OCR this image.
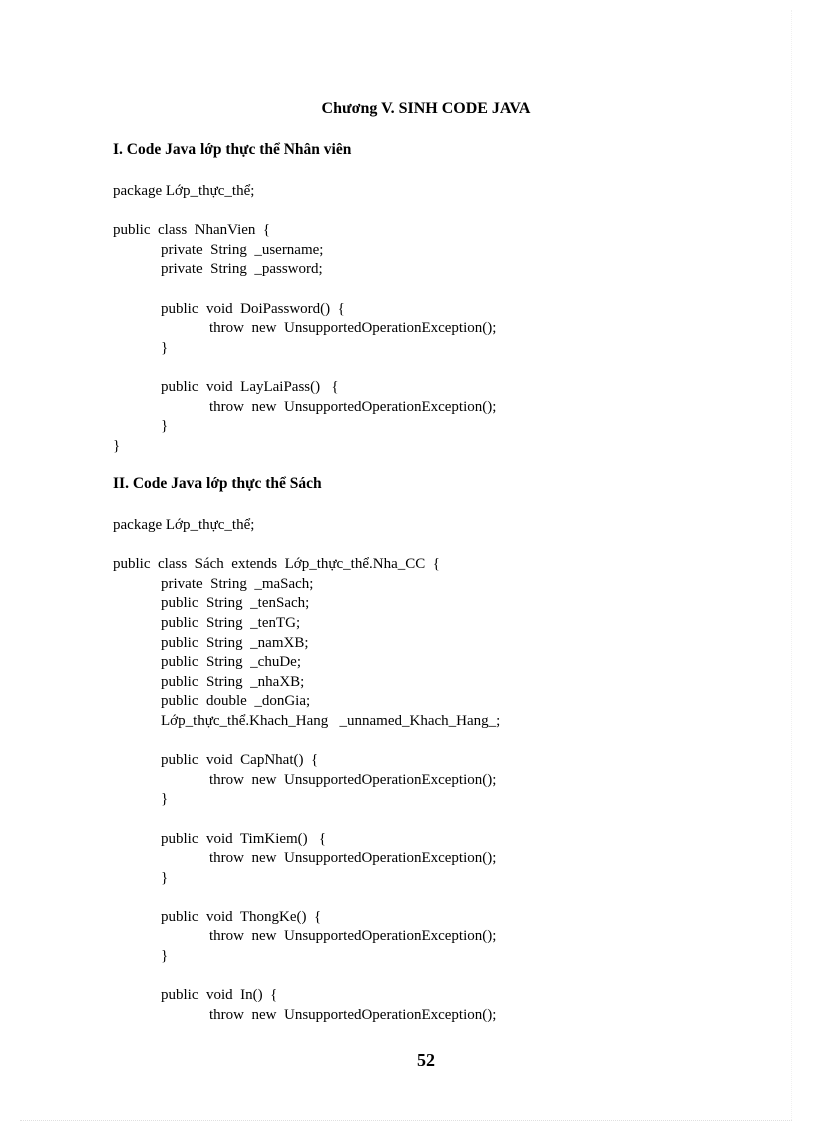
Chương V. SINH CODE JAVA
I. Code Java lớp thực thể Nhân viên
package Lớp_thực_thể;
public  class  NhanVien  {
private  String  _username;
private  String  _password;
public  void  DoiPassword()  {
throw  new  UnsupportedOperationException();
}
public  void  LayLaiPass()   {
throw  new  UnsupportedOperationException();
}
}
II. Code Java lớp thực thể Sách
package Lớp_thực_thể;
public  class  Sách  extends  Lớp_thực_thể.Nha_CC  {
private  String  _maSach;
public  String  _tenSach;
public  String  _tenTG;
public  String  _namXB;
public  String  _chuDe;
public  String  _nhaXB;
public  double  _donGia;
Lớp_thực_thể.Khach_Hang   _unnamed_Khach_Hang_;
public  void  CapNhat()  {
throw  new  UnsupportedOperationException();
}
public  void  TimKiem()   {
throw  new  UnsupportedOperationException();
}
public  void  ThongKe()  {
throw  new  UnsupportedOperationException();
}
public  void  In()  {
throw  new  UnsupportedOperationException();
52
